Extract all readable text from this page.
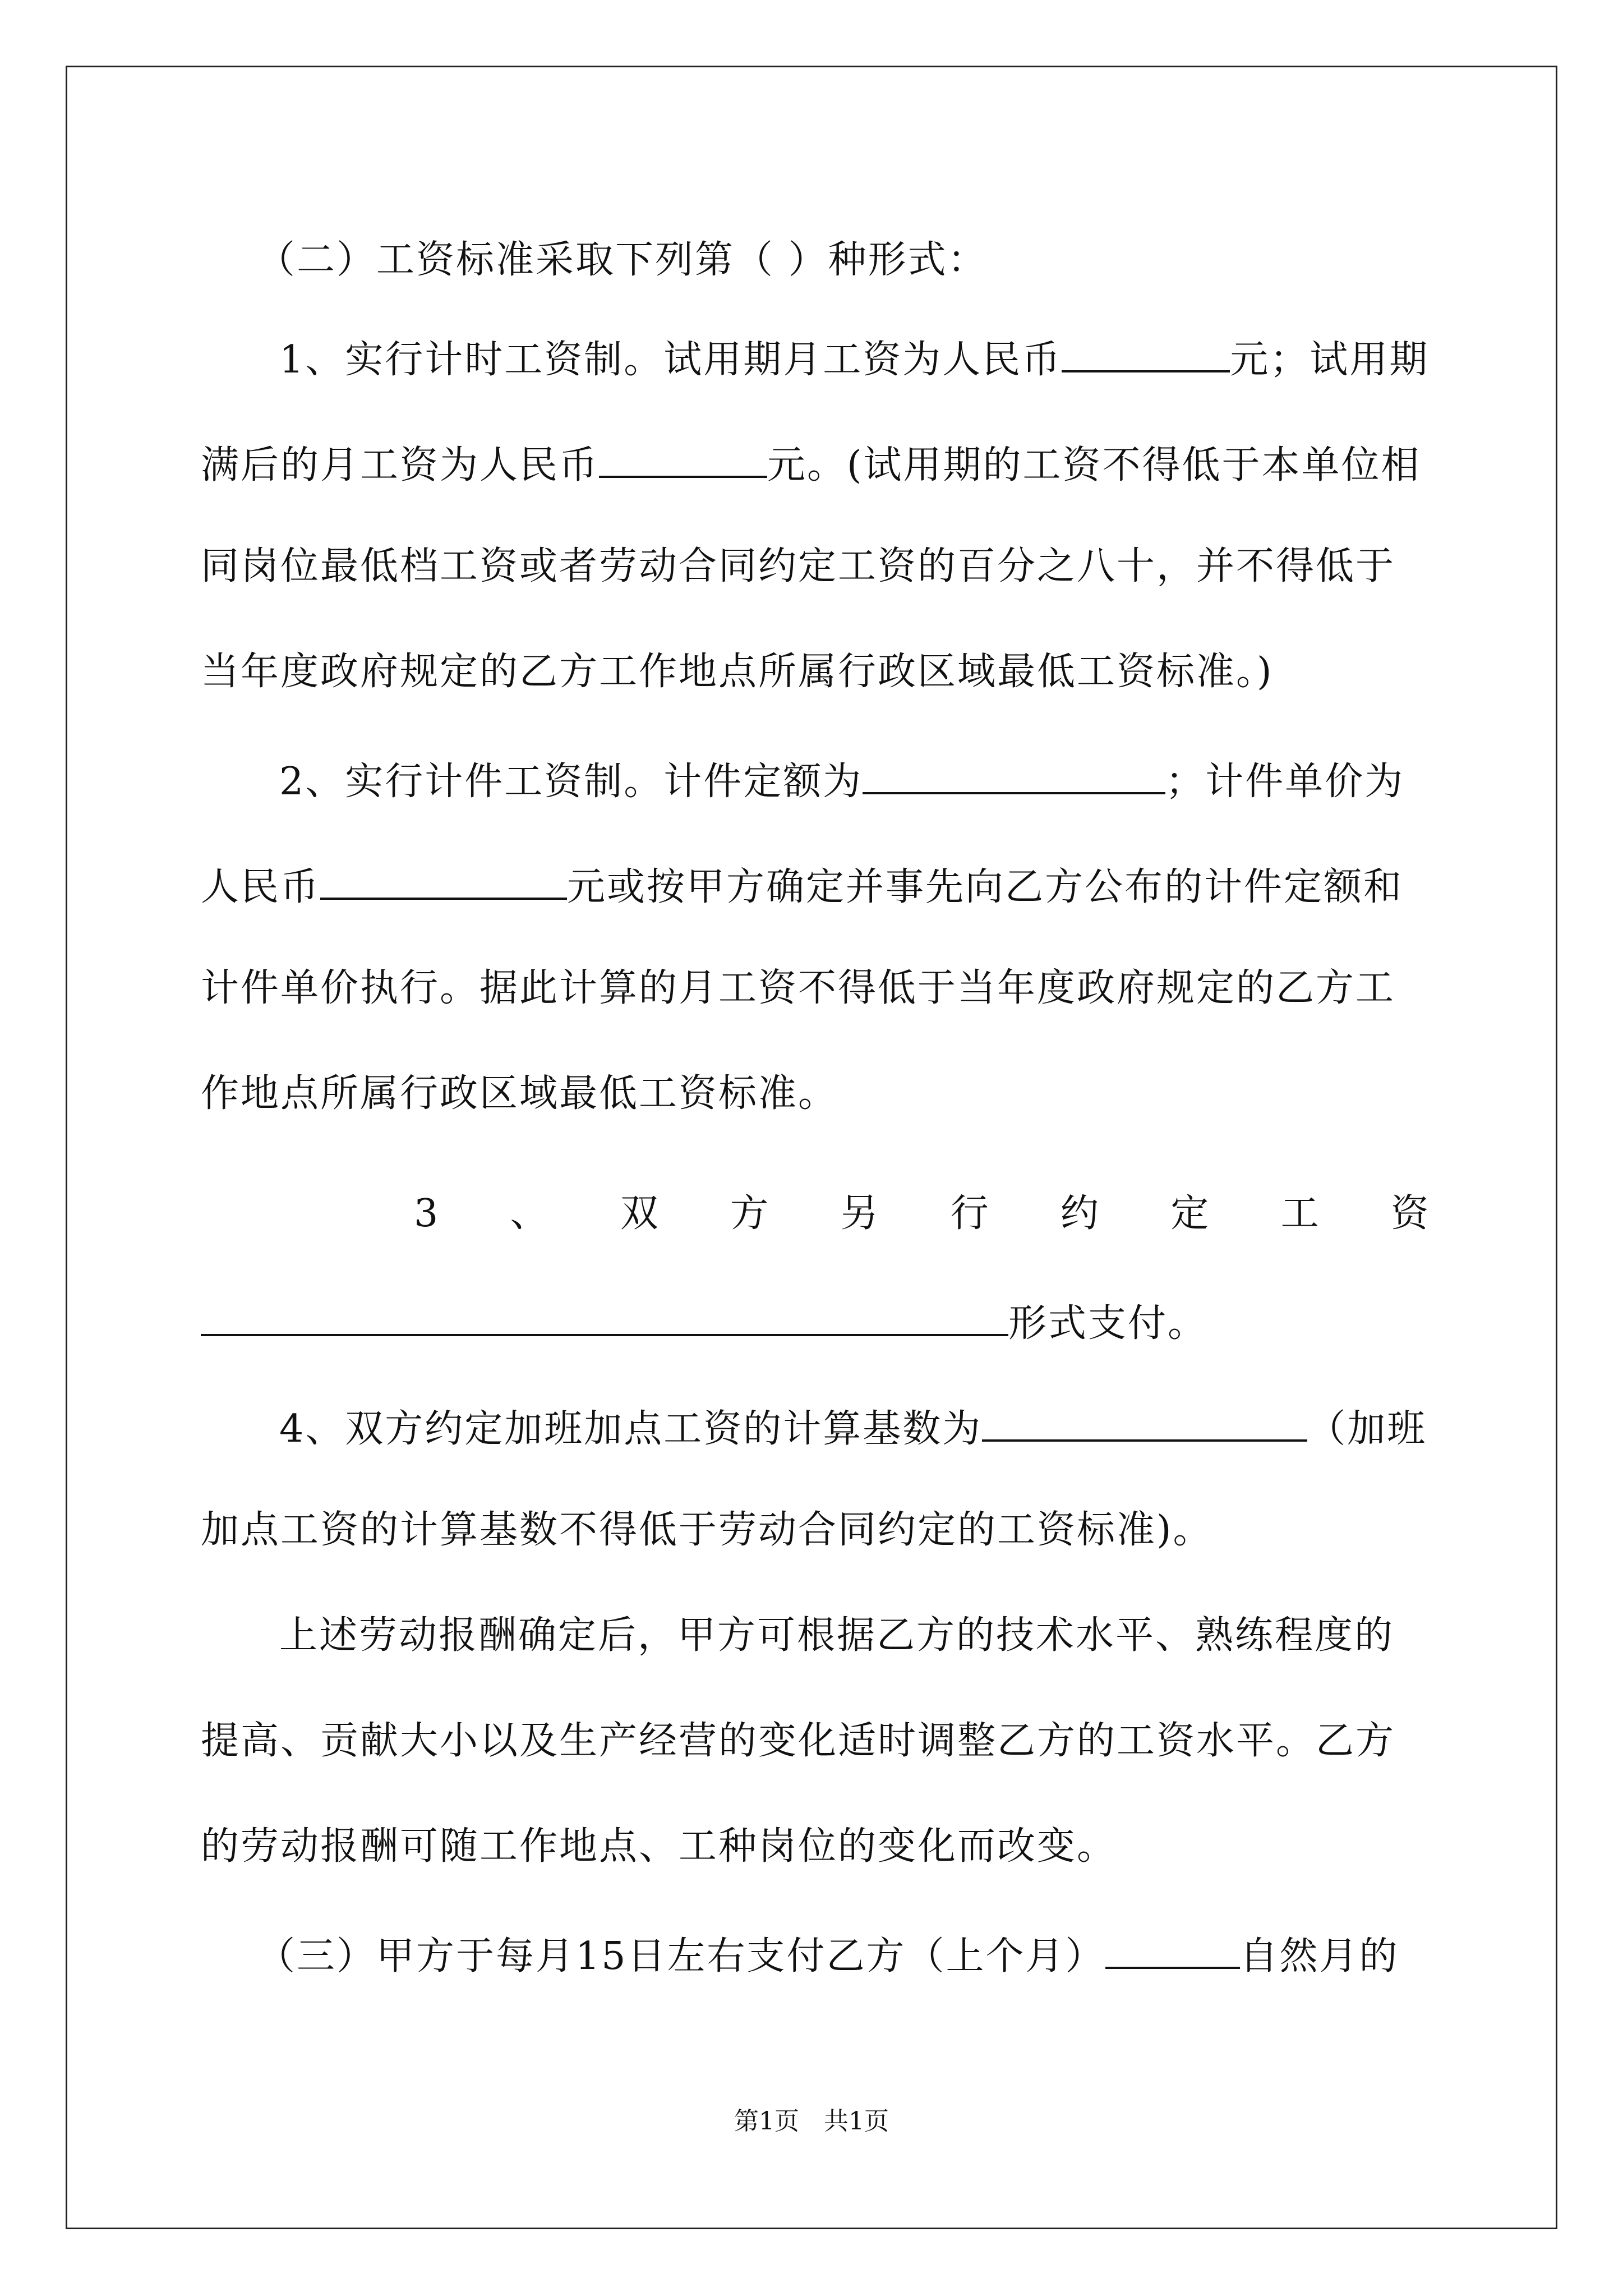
（二）工资标准采取下列第（ ）种形式：
1、实行计时工资制。试用期月工资为人民币	元；试用期
满后的月工资为人民币	元。(试用期的工资不得低于本单位相
同岗位最低档工资或者劳动合同约定工资的百分之八十，并不得低于
当年度政府规定的乙方工作地点所属行政区域最低工资标准。)
2、实行计件工资制。计件定额为	；计件单价为
人民币	元或按甲方确定并事先向乙方公布的计件定额和
计件单价执行。据此计算的月工资不得低于当年度政府规定的乙方工
作地点所属行政区域最低工资标准。
3 、 双 方 另 行 约 定 工 资
形式支付。
4、双方约定加班加点工资的计算基数为	（加班
加点工资的计算基数不得低于劳动合同约定的工资标准)。
上述劳动报酬确定后，甲方可根据乙方的技术水平、熟练程度的
提高、贡献大小以及生产经营的变化适时调整乙方的工资水平。乙方
的劳动报酬可随工作地点、工种岗位的变化而改变。
（三）甲方于每月15日左右支付乙方（上个月）	自然月的
第1页　共1页
